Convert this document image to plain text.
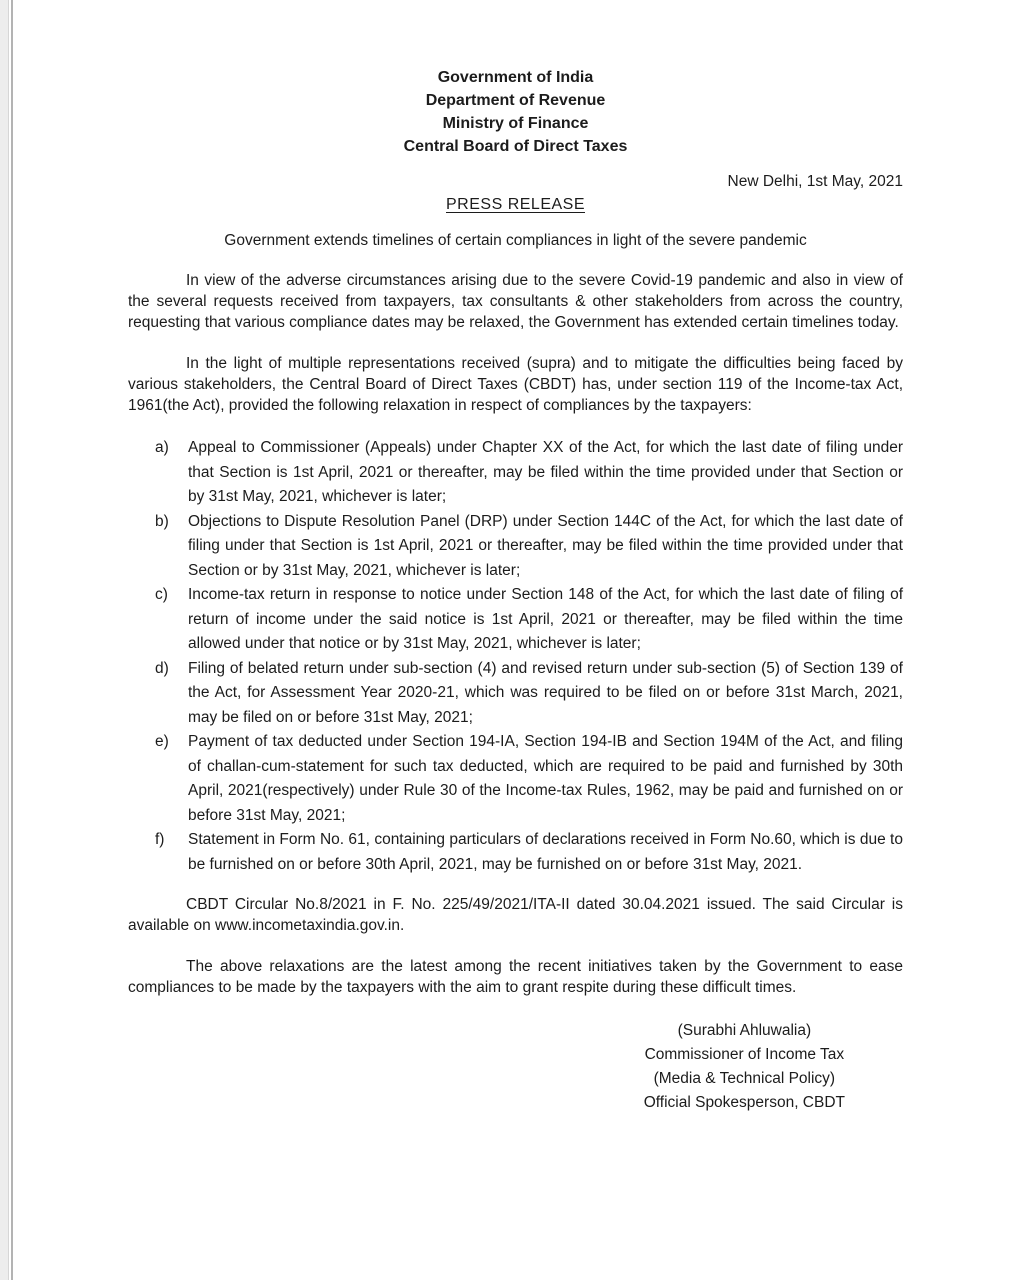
Government of India
Department of Revenue
Ministry of Finance
Central Board of Direct Taxes
New Delhi, 1st May, 2021
PRESS RELEASE
Government extends timelines of certain compliances in light of the severe pandemic
In view of the adverse circumstances arising due to the severe Covid-19 pandemic and also in view of the several requests received from taxpayers, tax consultants & other stakeholders from across the country, requesting that various compliance dates may be relaxed, the Government has extended certain timelines today.
In the light of multiple representations received (supra) and to mitigate the difficulties being faced by various stakeholders, the Central Board of Direct Taxes (CBDT) has, under section 119 of the Income-tax Act, 1961(the Act), provided the following relaxation in respect of compliances by the taxpayers:
a)	Appeal to Commissioner (Appeals) under Chapter XX of the Act, for which the last date of filing under that Section is 1st April, 2021 or thereafter, may be filed within the time provided under that Section or by 31st May, 2021, whichever is later;
b)	Objections to Dispute Resolution Panel (DRP) under Section 144C of the Act, for which the last date of filing under that Section is 1st April, 2021 or thereafter, may be filed within the time provided under that Section or by 31st May, 2021, whichever is later;
c)	Income-tax return in response to notice under Section 148 of the Act, for which the last date of filing of return of income under the said notice is 1st April, 2021 or thereafter, may be filed within the time allowed under that notice or by 31st May, 2021, whichever is later;
d)	Filing of belated return under sub-section (4) and revised return under sub-section (5) of Section 139 of the Act, for Assessment Year 2020-21, which was required to be filed on or before 31st March, 2021, may be filed on or before 31st May, 2021;
e)	Payment of tax deducted under Section 194-IA, Section 194-IB and Section 194M of the Act, and filing of challan-cum-statement for such tax deducted, which are required to be paid and furnished by 30th April, 2021(respectively) under Rule 30 of the Income-tax Rules, 1962, may be paid and furnished on or before 31st May, 2021;
f)	Statement in Form No. 61, containing particulars of declarations received in Form No.60, which is due to be furnished on or before 30th April, 2021, may be furnished on or before 31st May, 2021.
CBDT Circular No.8/2021 in F. No. 225/49/2021/ITA-II dated 30.04.2021 issued. The said Circular is available on www.incometaxindia.gov.in.
The above relaxations are the latest among the recent initiatives taken by the Government to ease compliances to be made by the taxpayers with the aim to grant respite during these difficult times.
(Surabhi Ahluwalia)
Commissioner of Income Tax
(Media & Technical Policy)
Official Spokesperson, CBDT
